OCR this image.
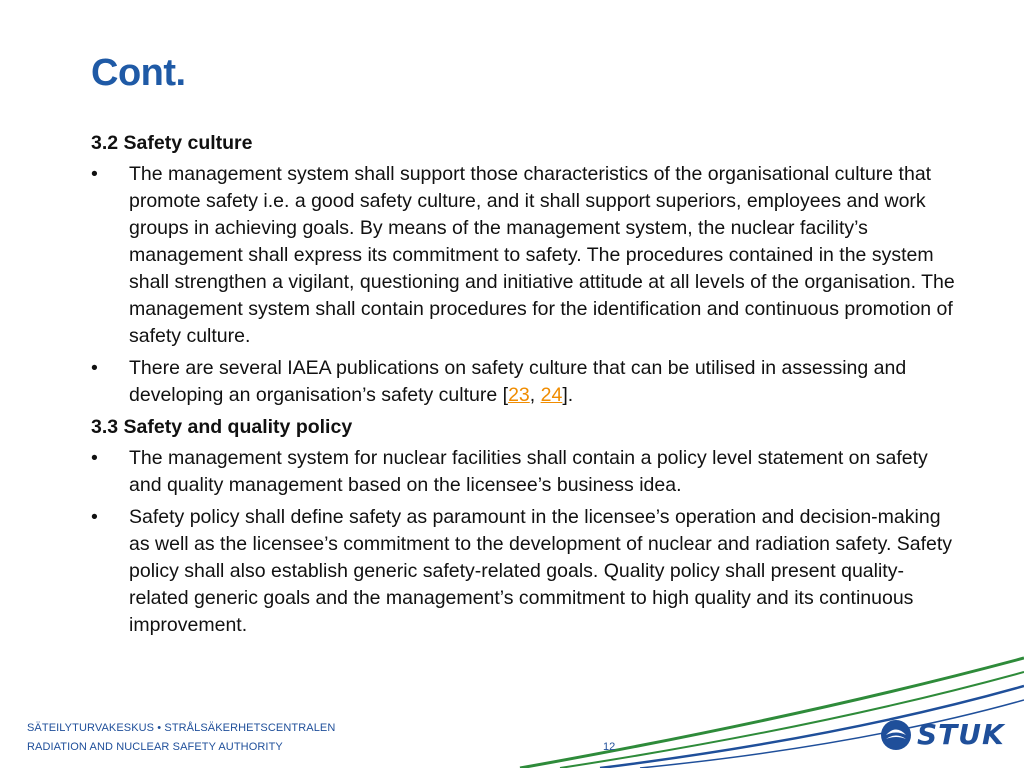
Cont.

3.2 Safety culture

•	The management system shall support those characteristics of the organisational culture that promote safety i.e. a good safety culture, and it shall support superiors, employees and work groups in achieving goals. By means of the management system, the nuclear facility’s management shall express its commitment to safety. The procedures contained in the system shall strengthen a vigilant, questioning and initiative attitude at all levels of the organisation. The management system shall contain procedures for the identification and continuous promotion of safety culture.

•	There are several IAEA publications on safety culture that can be utilised in assessing and developing an organisation’s safety culture [23, 24].

3.3 Safety and quality policy

•	The management system for nuclear facilities shall contain a policy level statement on safety and quality management based on the licensee’s business idea.

•	Safety policy shall define safety as paramount in the licensee’s operation and decision-making as well as the licensee’s commitment to the development of nuclear and radiation safety. Safety policy shall also establish generic safety-related goals. Quality policy shall present quality-related generic goals and the management’s commitment to high quality and its continuous improvement.

SÄTEILYTURVAKESKUS • STRÅLSÄKERHETSCENTRALEN
RADIATION AND NUCLEAR SAFETY AUTHORITY	12	STUK
